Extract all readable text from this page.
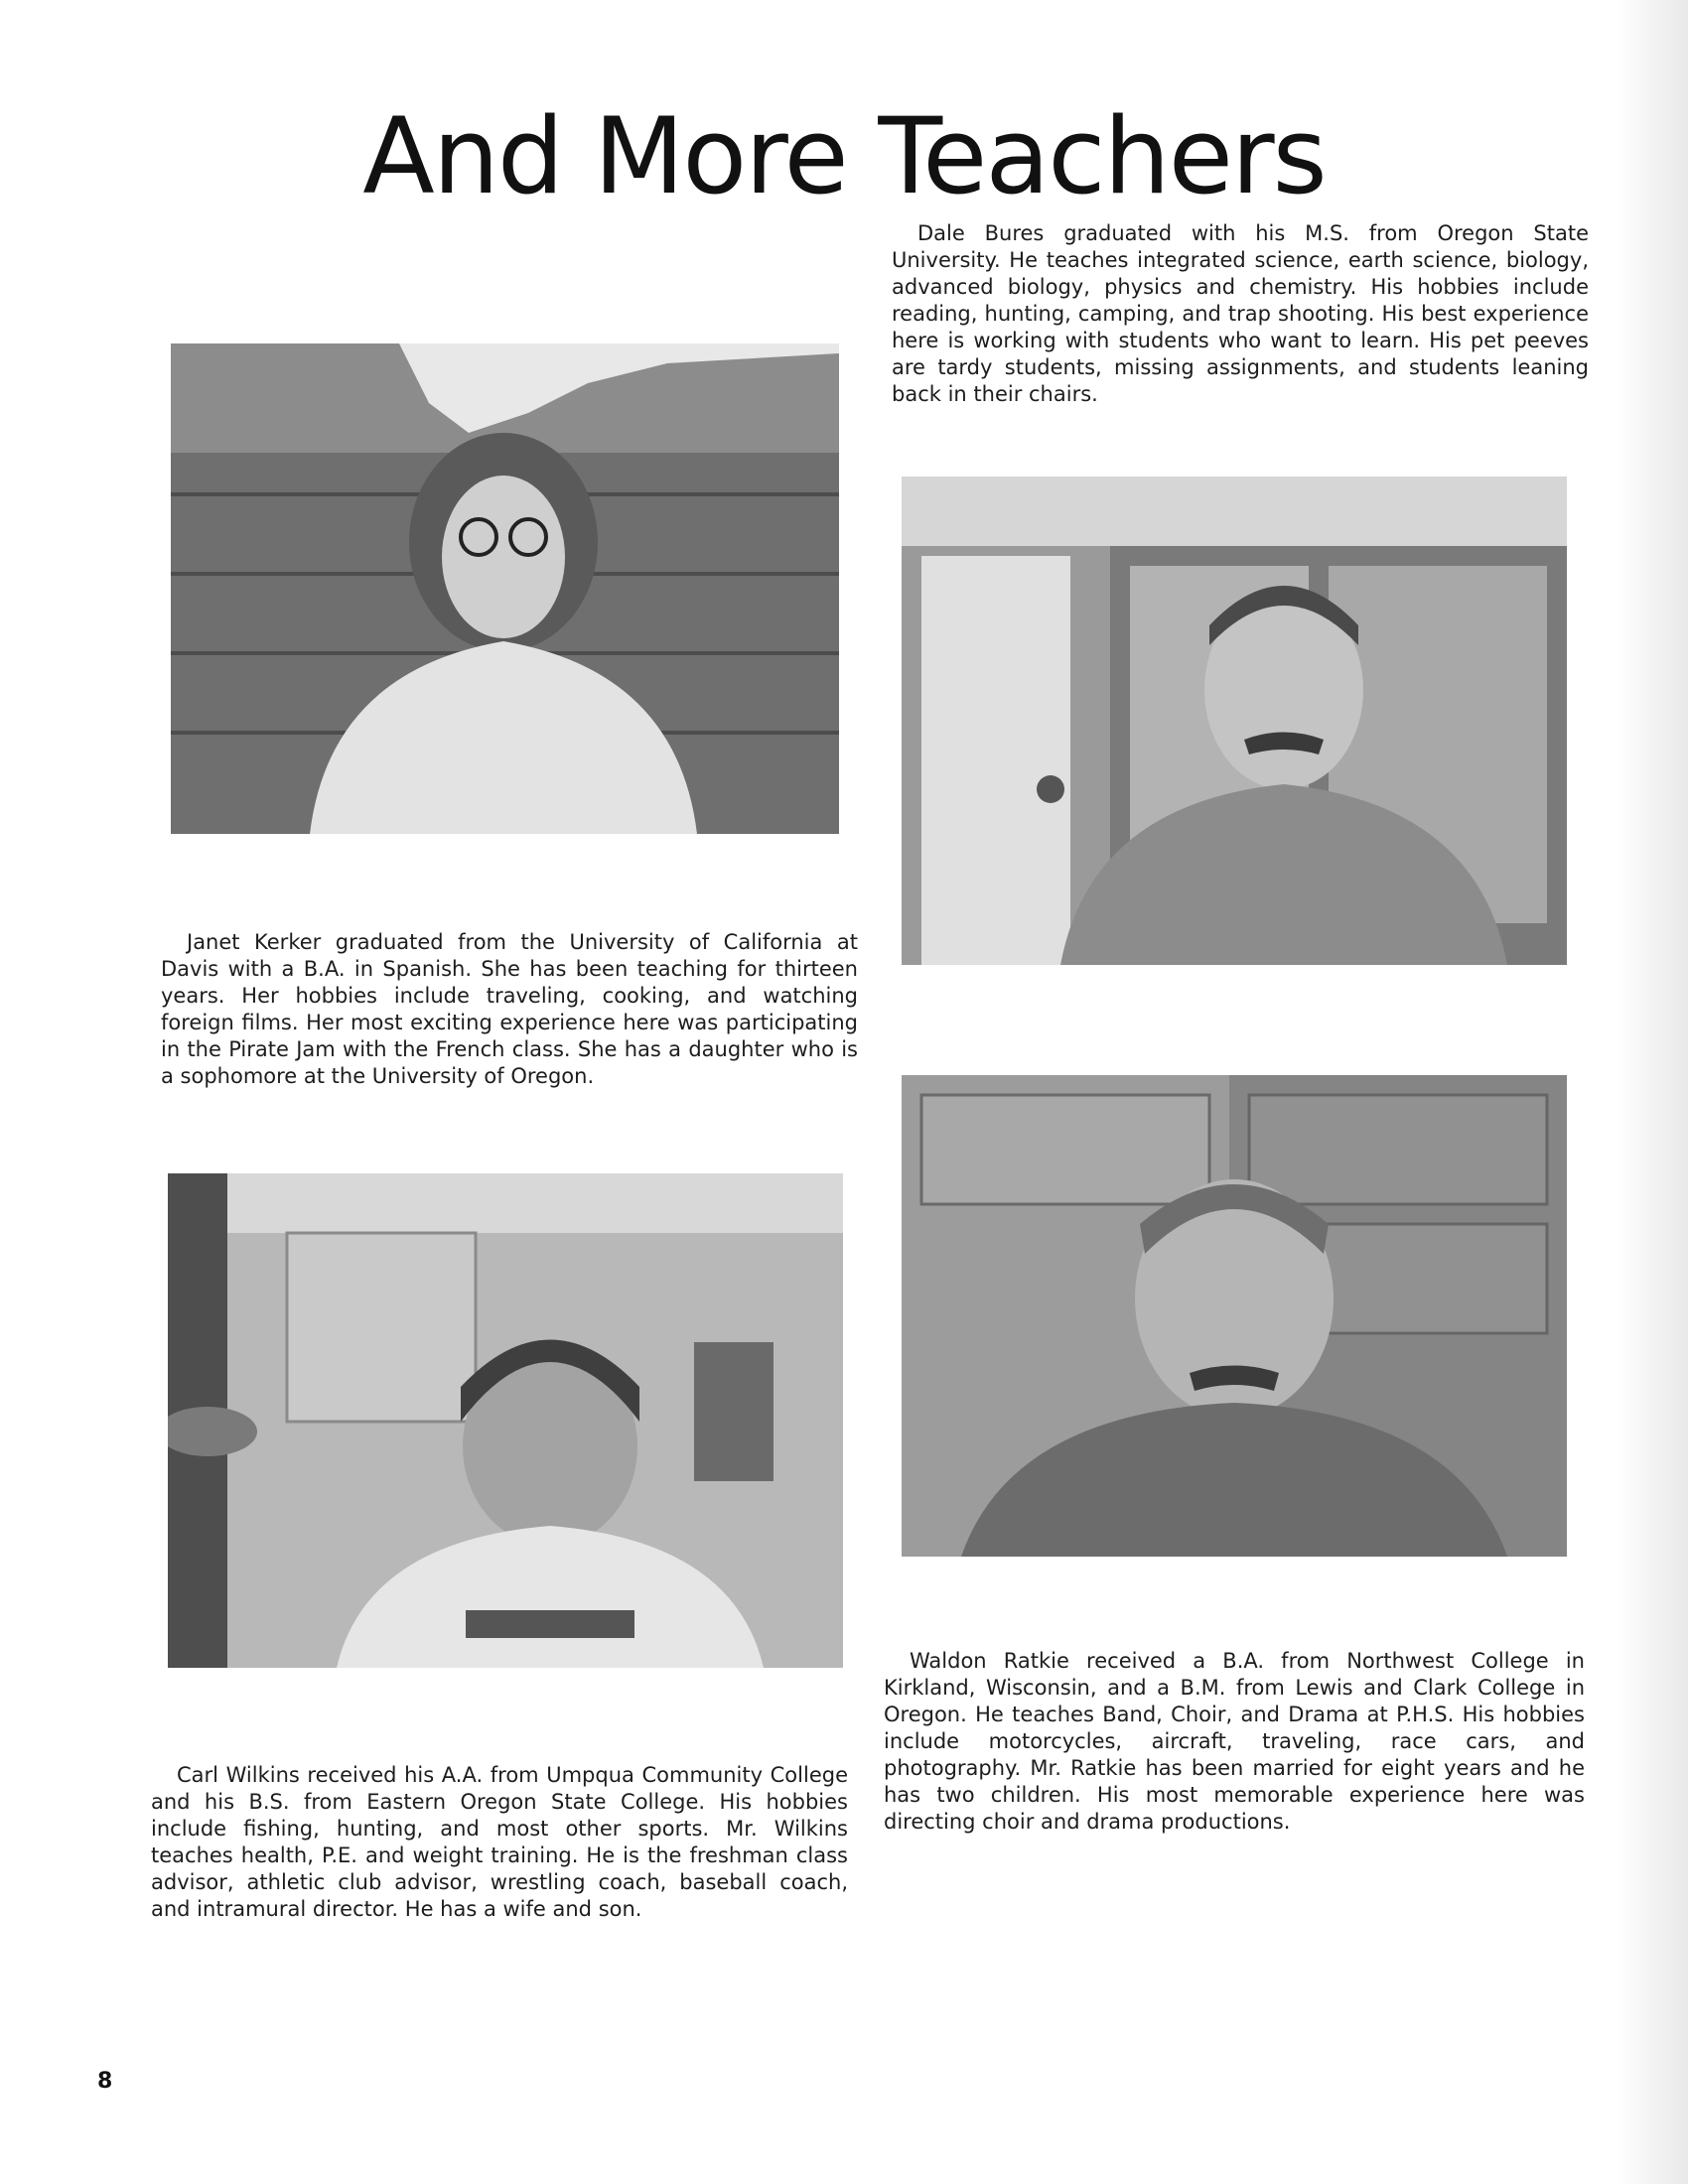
And More Teachers

Dale Bures graduated with his M.S. from Oregon State University. He teaches integrated science, earth science, biology, advanced biology, physics and chemistry. His hobbies include reading, hunting, camping, and trap shooting. His best experience here is working with students who want to learn. His pet peeves are tardy students, missing assignments, and students leaning back in their chairs.

Janet Kerker graduated from the University of California at Davis with a B.A. in Spanish. She has been teaching for thirteen years. Her hobbies include traveling, cooking, and watching foreign films. Her most exciting experience here was participating in the Pirate Jam with the French class. She has a daughter who is a sophomore at the University of Oregon.

Waldon Ratkie received a B.A. from Northwest College in Kirkland, Wisconsin, and a B.M. from Lewis and Clark College in Oregon. He teaches Band, Choir, and Drama at P.H.S. His hobbies include motorcycles, aircraft, traveling, race cars, and photography. Mr. Ratkie has been married for eight years and he has two children. His most memorable experience here was directing choir and drama productions.

Carl Wilkins received his A.A. from Umpqua Community College and his B.S. from Eastern Oregon State College. His hobbies include fishing, hunting, and most other sports. Mr. Wilkins teaches health, P.E. and weight training. He is the freshman class advisor, athletic club advisor, wrestling coach, baseball coach, and intramural director. He has a wife and son.

8
